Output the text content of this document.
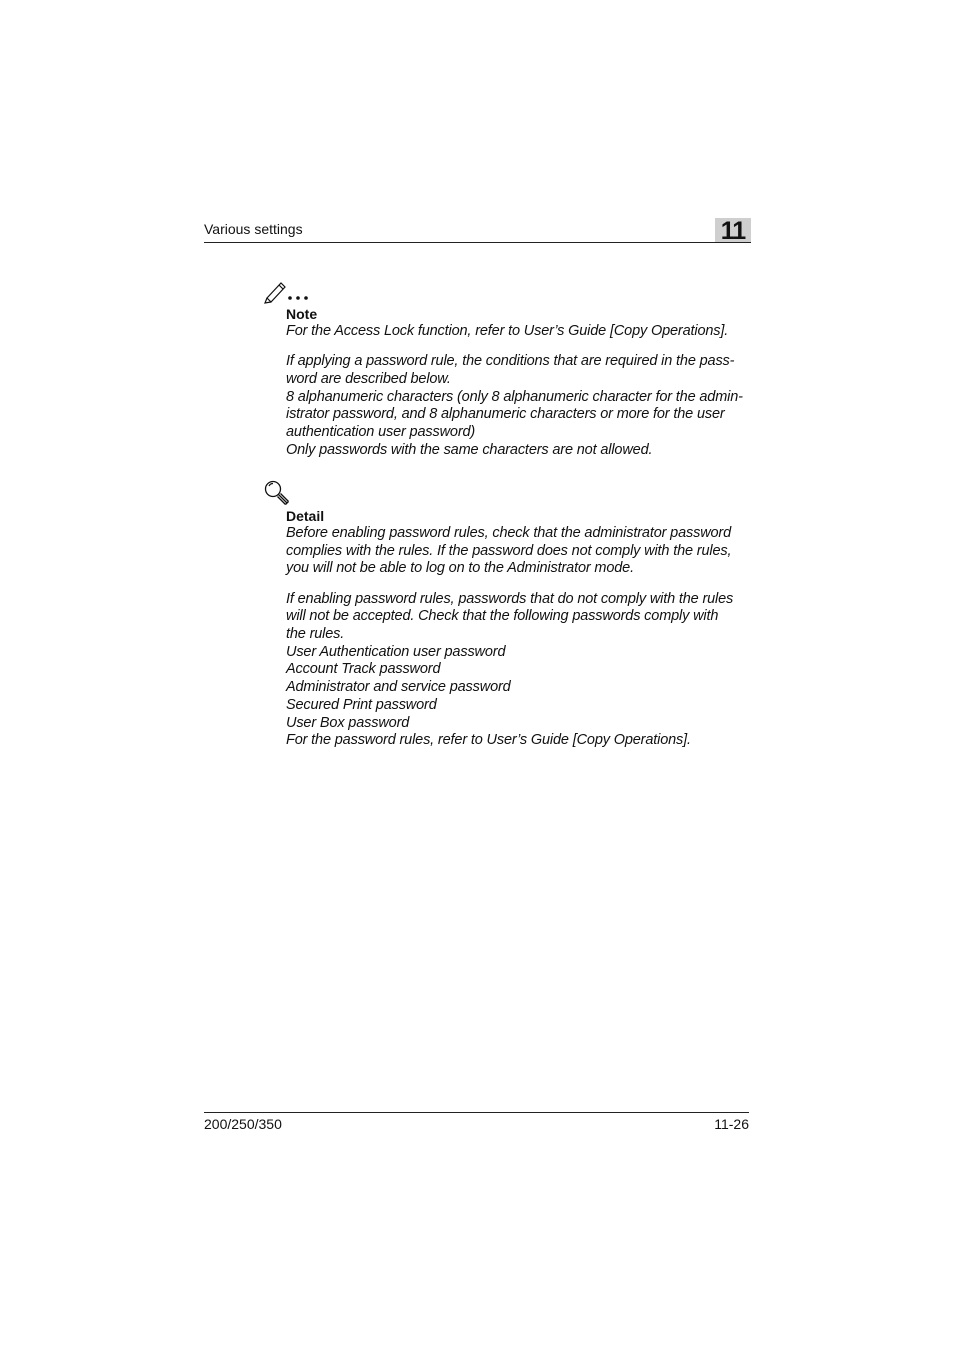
Various settings	11

Note

For the Access Lock function, refer to User’s Guide [Copy Operations].

If applying a password rule, the conditions that are required in the pass-
word are described below.
8 alphanumeric characters (only 8 alphanumeric character for the admin-
istrator password, and 8 alphanumeric characters or more for the user
authentication user password)
Only passwords with the same characters are not allowed.

Detail

Before enabling password rules, check that the administrator password
complies with the rules. If the password does not comply with the rules,
you will not be able to log on to the Administrator mode.

If enabling password rules, passwords that do not comply with the rules
will not be accepted. Check that the following passwords comply with
the rules.
User Authentication user password
Account Track password
Administrator and service password
Secured Print password
User Box password
For the password rules, refer to User’s Guide [Copy Operations].

200/250/350	11-26
